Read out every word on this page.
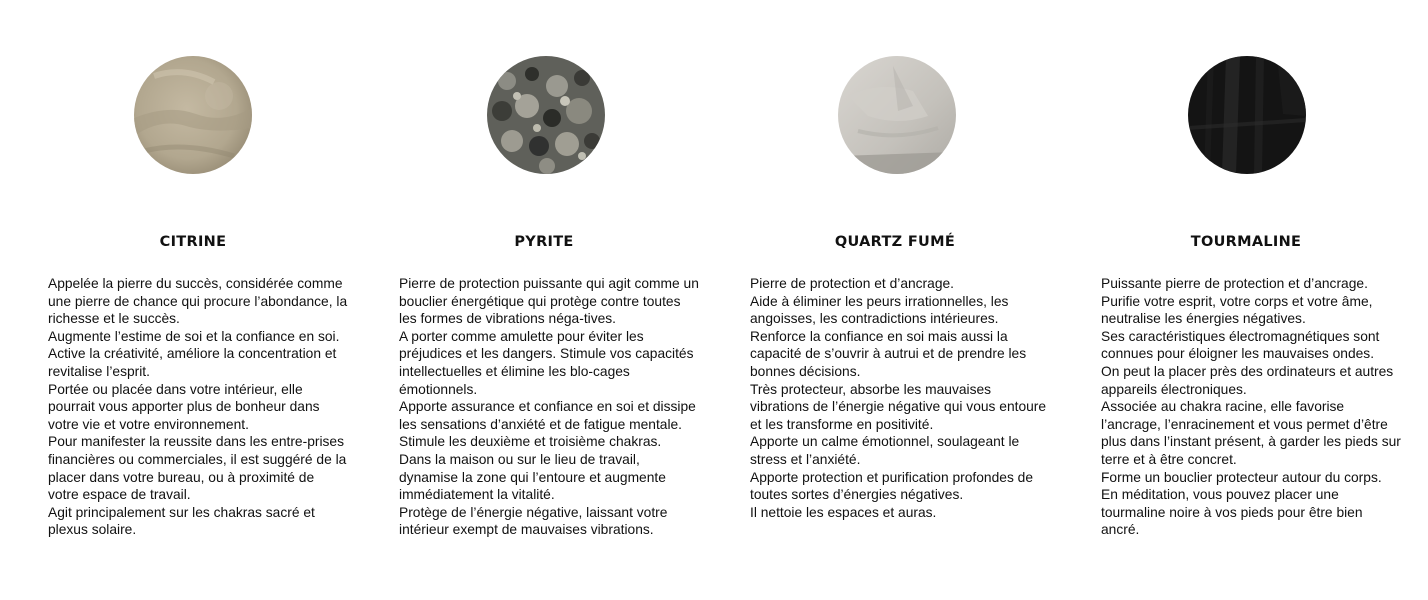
CITRINE

Appelée la pierre du succès, considérée comme une pierre de chance qui procure l’abondance, la richesse et le succès.

Augmente l’estime de soi et la confiance en soi.

Active la créativité, améliore la concentration et revitalise l’esprit.

Portée ou placée dans votre intérieur, elle pourrait vous apporter plus de bonheur dans votre vie et votre environnement.

Pour manifester la reussite dans les entre-prises financières ou commerciales, il est suggéré de la placer dans votre bureau, ou à proximité de votre espace de travail.

Agit principalement sur les chakras sacré et plexus solaire.

PYRITE

Pierre de protection puissante qui agit comme un bouclier énergétique qui protège contre toutes les formes de vibrations néga-tives.

A porter comme amulette pour éviter les préjudices et les dangers. Stimule vos capacités intellectuelles et élimine les blo-cages émotionnels.

Apporte assurance et confiance en soi et dissipe les sensations d’anxiété et de fatigue mentale. Stimule les deuxième et troisième chakras.

Dans la maison ou sur le lieu de travail, dynamise la zone qui l’entoure et augmente immédiatement la vitalité.

Protège de l’énergie négative, laissant votre intérieur exempt de mauvaises vibrations.

QUARTZ FUMÉ

Pierre de protection et d’ancrage.

Aide à éliminer les peurs irrationnelles, les angoisses, les contradictions intérieures.

Renforce la confiance en soi mais aussi la capacité de s’ouvrir à autrui et de prendre les bonnes décisions.

Très protecteur, absorbe les mauvaises vibrations de l’énergie négative qui vous entoure et les transforme en positivité.

Apporte un calme émotionnel, soulageant le stress et l’anxiété.

Apporte protection et purification profondes de toutes sortes d’énergies négatives.

Il nettoie les espaces et auras.

TOURMALINE

Puissante pierre de protection et d’ancrage.

Purifie votre esprit, votre corps et votre âme, neutralise les énergies négatives.

Ses caractéristiques électromagnétiques sont connues pour éloigner les mauvaises ondes.

On peut la placer près des ordinateurs et autres appareils électroniques.

Associée au chakra racine, elle favorise l’ancrage, l’enracinement et vous permet d’être plus dans l’instant présent, à garder les pieds sur terre et à être concret.

Forme un bouclier protecteur autour du corps.

En méditation, vous pouvez placer une tourmaline noire à vos pieds pour être bien ancré.
